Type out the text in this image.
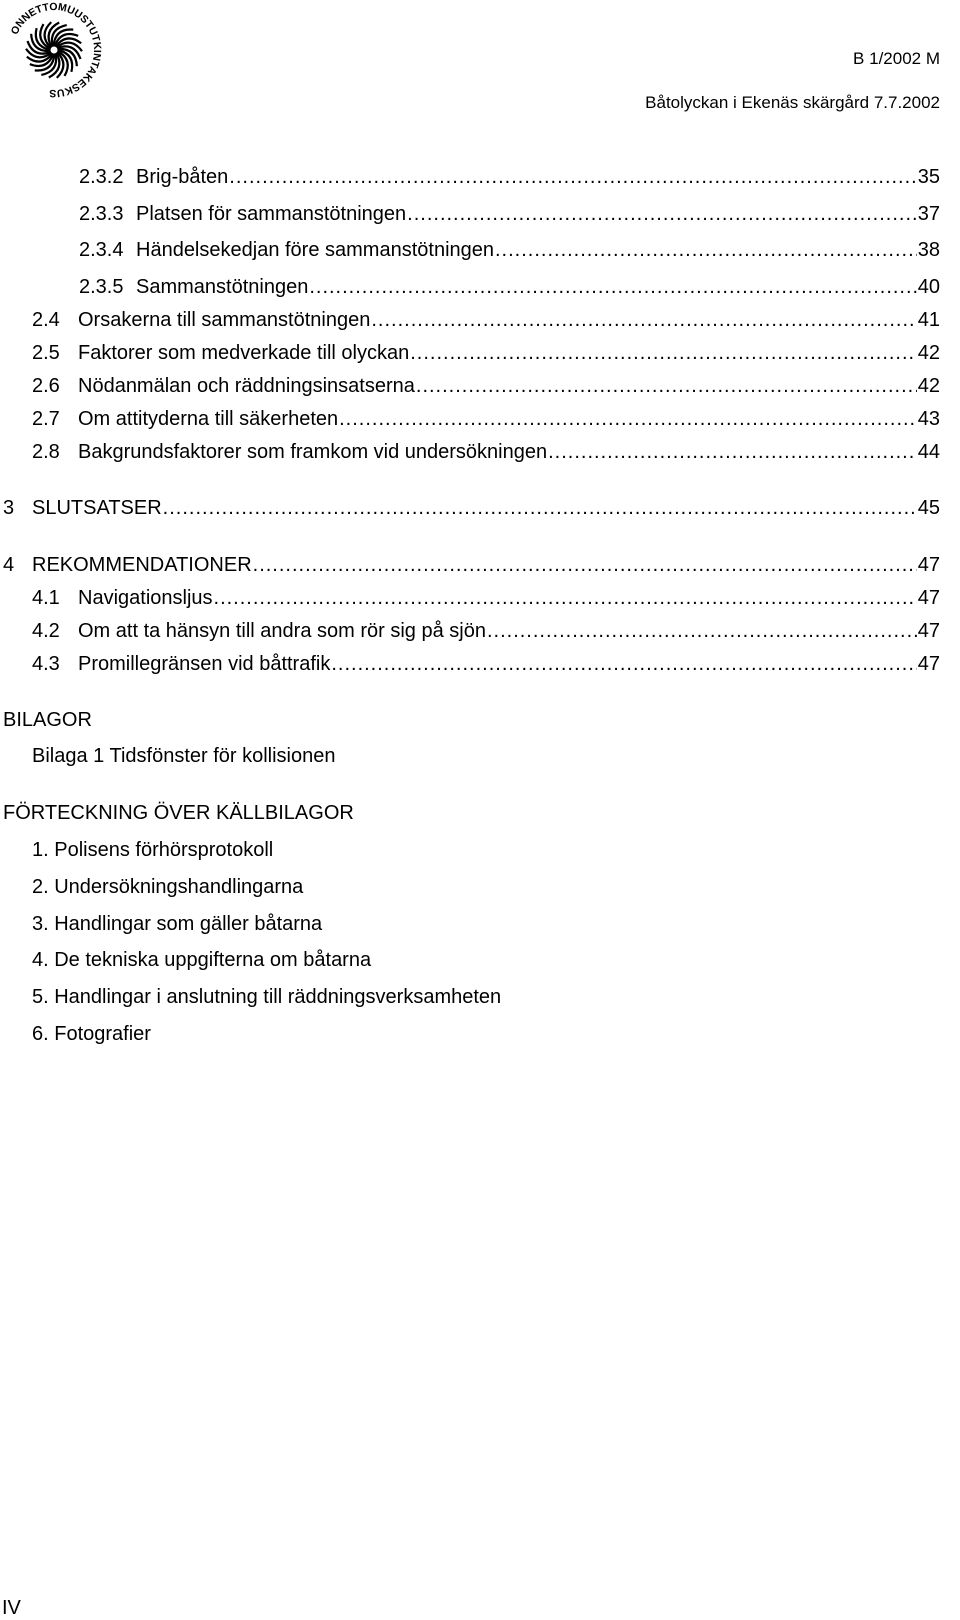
ONNETTOMUUSTUTKINTAKESKUS
B 1/2002 M
Båtolyckan i Ekenäs skärgård 7.7.2002
2.3.2 Brig-båten .....	35
2.3.3 Platsen för sammanstötningen .....	37
2.3.4 Händelsekedjan före sammanstötningen .....	38
2.3.5 Sammanstötningen .....	40
2.4 Orsakerna till sammanstötningen .....	41
2.5 Faktorer som medverkade till olyckan .....	42
2.6 Nödanmälan och räddningsinsatserna .....	42
2.7 Om attityderna till säkerheten .....	43
2.8 Bakgrundsfaktorer som framkom vid undersökningen .....	44
3 SLUTSATSER .....	45
4 REKOMMENDATIONER .....	47
4.1 Navigationsljus .....	47
4.2 Om att ta hänsyn till andra som rör sig på sjön .....	47
4.3 Promillegränsen vid båttrafik .....	47
BILAGOR
Bilaga 1 Tidsfönster för kollisionen
FÖRTECKNING ÖVER KÄLLBILAGOR
1. Polisens förhörsprotokoll
2. Undersökningshandlingarna
3. Handlingar som gäller båtarna
4. De tekniska uppgifterna om båtarna
5. Handlingar i anslutning till räddningsverksamheten
6. Fotografier
IV
